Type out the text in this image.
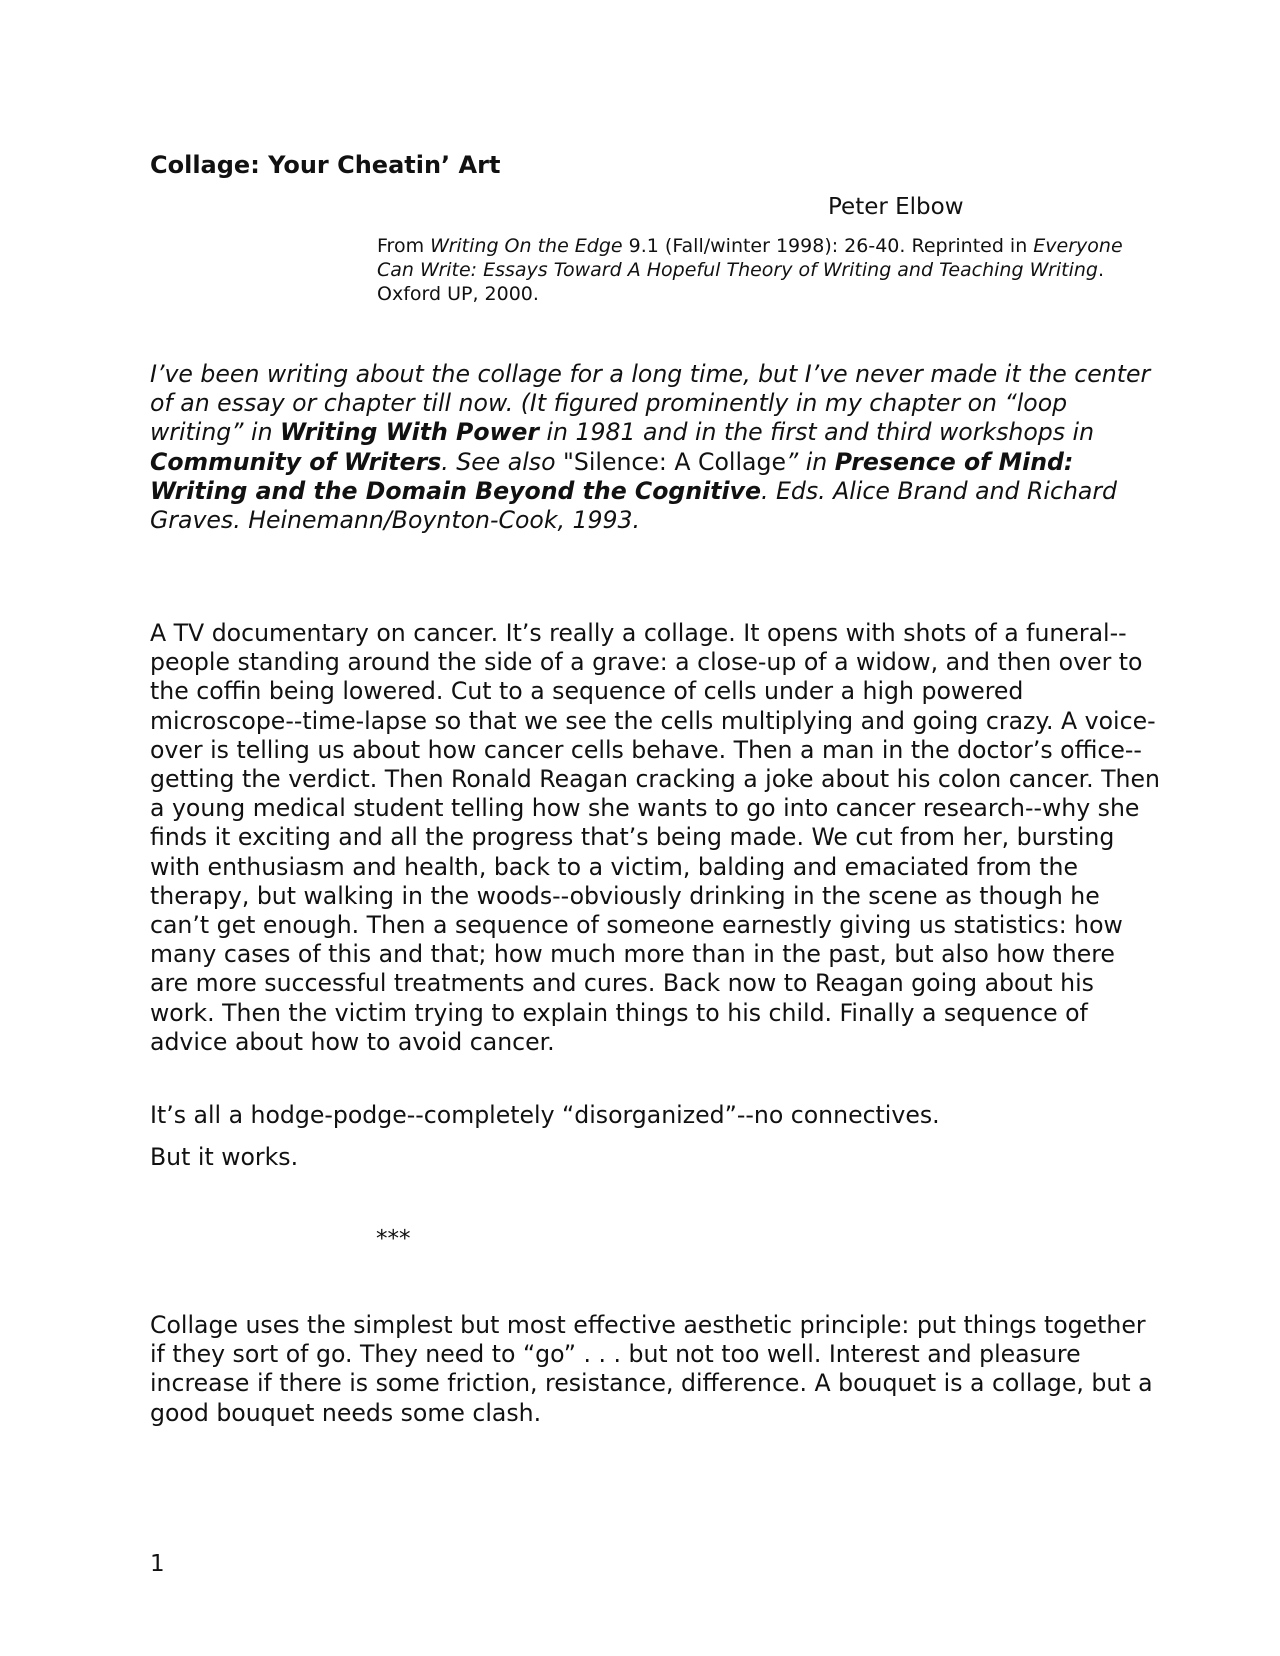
Collage: Your Cheatin’ Art

Peter Elbow

From Writing On the Edge 9.1 (Fall/winter 1998): 26-40. Reprinted in Everyone Can Write: Essays Toward A Hopeful Theory of Writing and Teaching Writing. Oxford UP, 2000.

I’ve been writing about the collage for a long time, but I’ve never made it the center of an essay or chapter till now. (It figured prominently in my chapter on “loop writing” in Writing With Power in 1981 and in the first and third workshops in Community of Writers. See also "Silence: A Collage” in Presence of Mind: Writing and the Domain Beyond the Cognitive. Eds. Alice Brand and Richard Graves. Heinemann/Boynton-Cook, 1993.

A TV documentary on cancer. It’s really a collage. It opens with shots of a funeral--people standing around the side of a grave: a close-up of a widow, and then over to the coffin being lowered. Cut to a sequence of cells under a high powered microscope--time-lapse so that we see the cells multiplying and going crazy. A voice-over is telling us about how cancer cells behave. Then a man in the doctor’s office--getting the verdict. Then Ronald Reagan cracking a joke about his colon cancer. Then a young medical student telling how she wants to go into cancer research--why she finds it exciting and all the progress that’s being made. We cut from her, bursting with enthusiasm and health, back to a victim, balding and emaciated from the therapy, but walking in the woods--obviously drinking in the scene as though he can’t get enough. Then a sequence of someone earnestly giving us statistics: how many cases of this and that; how much more than in the past, but also how there are more successful treatments and cures. Back now to Reagan going about his work. Then the victim trying to explain things to his child. Finally a sequence of advice about how to avoid cancer.

It’s all a hodge-podge--completely “disorganized”--no connectives.

But it works.

***

Collage uses the simplest but most effective aesthetic principle: put things together if they sort of go. They need to “go” . . . but not too well. Interest and pleasure increase if there is some friction, resistance, difference. A bouquet is a collage, but a good bouquet needs some clash.

1
